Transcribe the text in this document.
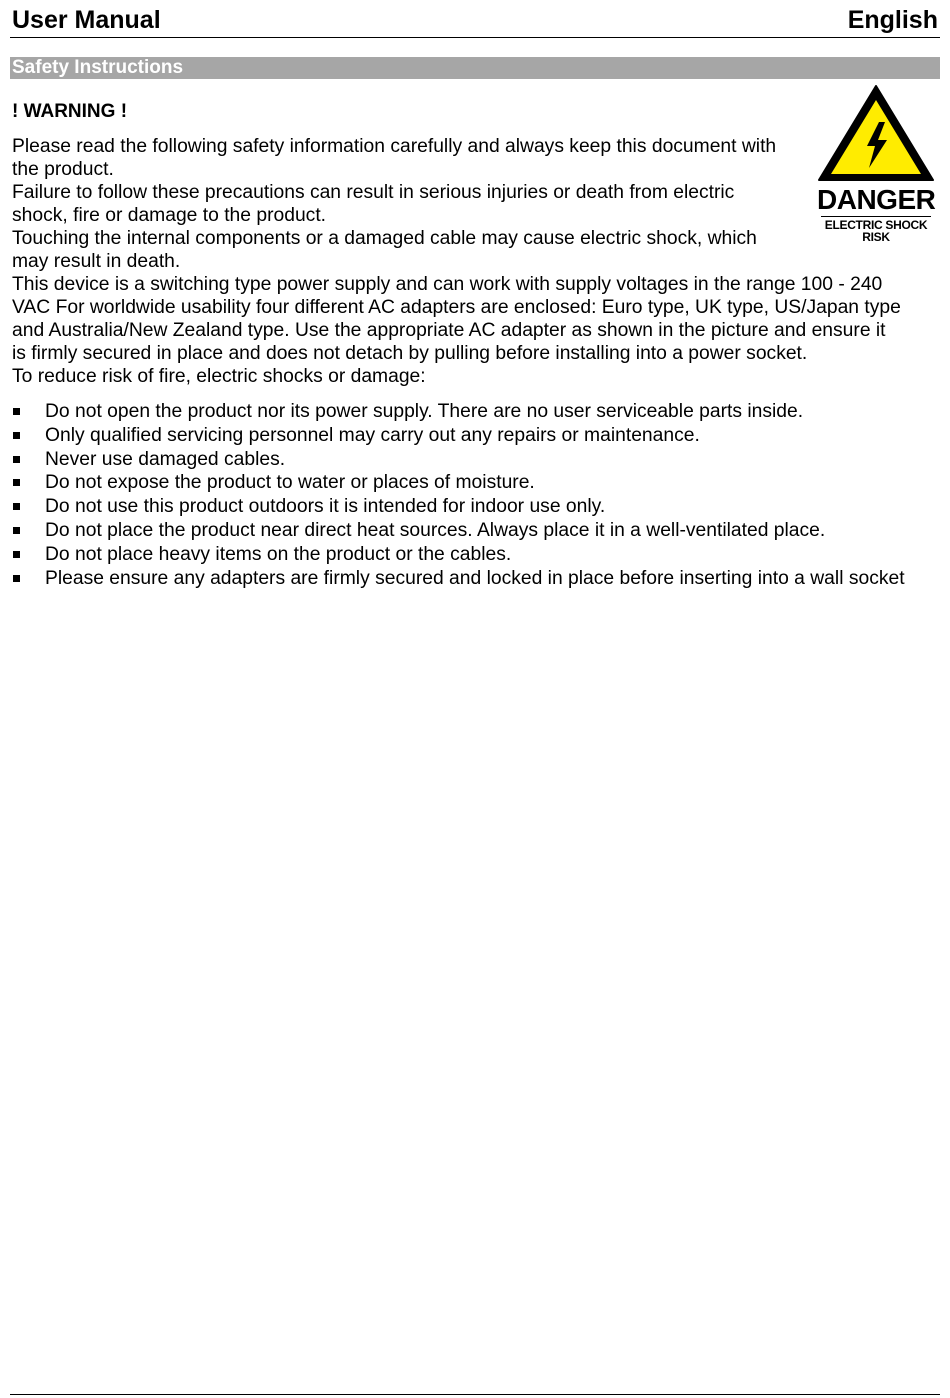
User Manual	English
Safety Instructions
! WARNING !

Please read the following safety information carefully and always keep this document with

the product.

Failure to follow these precautions can result in serious injuries or death from electric

shock, fire or damage to the product.

Touching the internal components or a damaged cable may cause electric shock, which

may result in death.

This device is a switching type power supply and can work with supply voltages in the range 100 - 240

VAC For worldwide usability four different AC adapters are enclosed: Euro type, UK type, US/Japan type

and Australia/New Zealand type. Use the appropriate AC adapter as shown in the picture and ensure it

is firmly secured in place and does not detach by pulling before installing into a power socket.

To reduce risk of fire, electric shocks or damage:

DANGER
ELECTRIC SHOCK
RISK
Do not open the product nor its power supply. There are no user serviceable parts inside.
Only qualified servicing personnel may carry out any repairs or maintenance.
Never use damaged cables.
Do not expose the product to water or places of moisture.
Do not use this product outdoors it is intended for indoor use only.
Do not place the product near direct heat sources. Always place it in a well-ventilated place.
Do not place heavy items on the product or the cables.
Please ensure any adapters are firmly secured and locked in place before inserting into a wall socket
